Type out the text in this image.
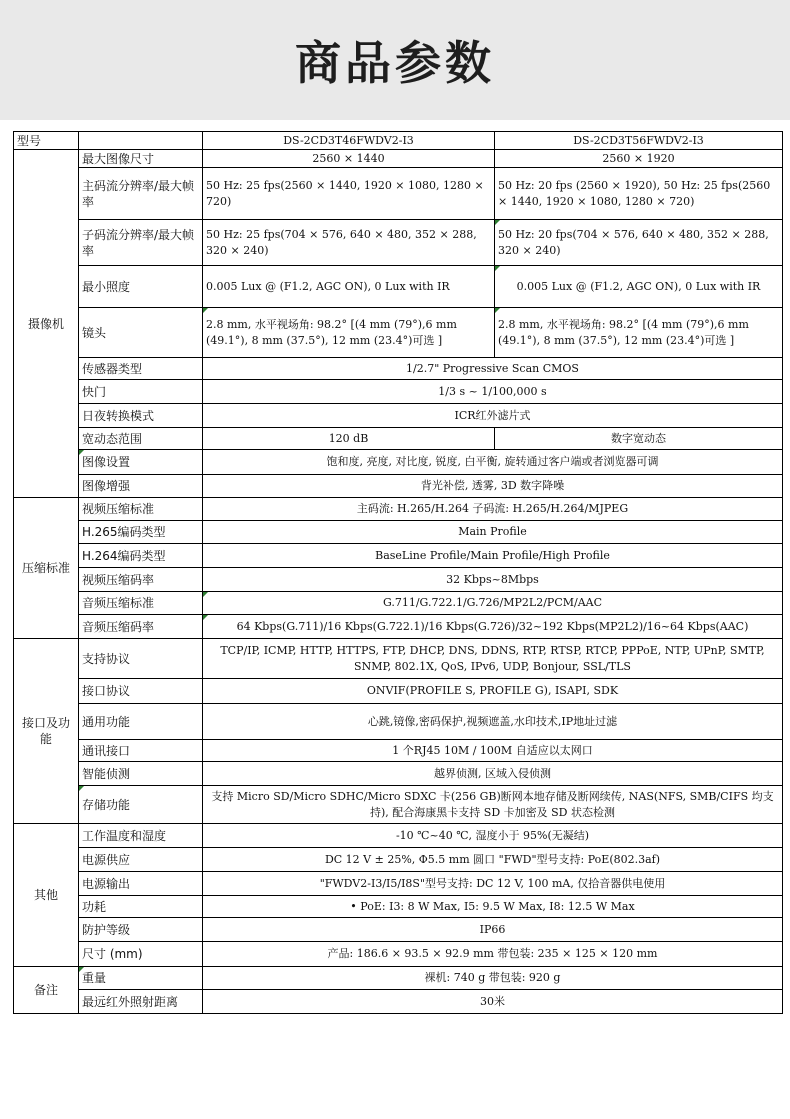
商品参数
型号		DS-2CD3T46FWDV2-I3	DS-2CD3T56FWDV2-I3
摄像机	最大图像尺寸	2560 × 1440	2560 × 1920
	主码流分辨率/最大帧率	50 Hz: 25 fps(2560 × 1440, 1920 × 1080, 1280 × 720)	50 Hz: 20 fps (2560 × 1920), 50 Hz: 25 fps(2560 × 1440, 1920 × 1080, 1280 × 720)
	子码流分辨率/最大帧率	50 Hz: 25 fps(704 × 576, 640 × 480, 352 × 288, 320 × 240)	50 Hz: 20 fps(704 × 576, 640 × 480, 352 × 288, 320 × 240)
	最小照度	0.005 Lux @ (F1.2, AGC ON), 0 Lux with IR	0.005 Lux @ (F1.2, AGC ON), 0 Lux with IR
	镜头	2.8 mm, 水平视场角: 98.2° [(4 mm (79°),6 mm (49.1°), 8 mm (37.5°), 12 mm (23.4°)可选 ]	2.8 mm, 水平视场角: 98.2° [(4 mm (79°),6 mm (49.1°), 8 mm (37.5°), 12 mm (23.4°)可选 ]
	传感器类型	1/2.7" Progressive Scan CMOS	
	快门	1/3 s ~ 1/100,000 s	
	日夜转换模式	ICR红外滤片式	
	宽动态范围	120 dB	数字宽动态
	图像设置	饱和度, 亮度, 对比度, 锐度, 白平衡, 旋转通过客户端或者浏览器可调	
	图像增强	背光补偿, 透雾, 3D 数字降噪	
压缩标准	视频压缩标准	主码流: H.265/H.264 子码流: H.265/H.264/MJPEG	
	H.265编码类型	Main Profile	
	H.264编码类型	BaseLine Profile/Main Profile/High Profile	
	视频压缩码率	32 Kbps~8Mbps	
	音频压缩标准	G.711/G.722.1/G.726/MP2L2/PCM/AAC	
	音频压缩码率	64 Kbps(G.711)/16 Kbps(G.722.1)/16 Kbps(G.726)/32~192 Kbps(MP2L2)/16~64 Kbps(AAC)	
接口及功能	支持协议	TCP/IP, ICMP, HTTP, HTTPS, FTP, DHCP, DNS, DDNS, RTP, RTSP, RTCP, PPPoE, NTP, UPnP, SMTP, SNMP, 802.1X, QoS, IPv6, UDP, Bonjour, SSL/TLS	
	接口协议	ONVIF(PROFILE S, PROFILE G), ISAPI, SDK	
	通用功能	心跳,镜像,密码保护,视频遮盖,水印技术,IP地址过滤	
	通讯接口	1 个RJ45 10M / 100M 自适应以太网口	
	智能侦测	越界侦测, 区域入侵侦测	
	存储功能	支持 Micro SD/Micro SDHC/Micro SDXC 卡(256 GB)断网本地存储及断网续传, NAS(NFS, SMB/CIFS 均支持), 配合海康黑卡支持 SD 卡加密及 SD 状态检测	
其他	工作温度和湿度	-10 ℃~40 ℃, 湿度小于 95%(无凝结)	
	电源供应	DC 12 V ± 25%, Φ5.5 mm 圆口 "FWD"型号支持: PoE(802.3af)	
	电源输出	"FWDV2-I3/I5/I8S"型号支持: DC 12 V, 100 mA, 仅拾音器供电使用	
	功耗	• PoE: I3: 8 W Max, I5: 9.5 W Max, I8: 12.5 W Max	
	防护等级	IP66	
	尺寸 (mm)	产品: 186.6 × 93.5 × 92.9 mm 带包装: 235 × 125 × 120 mm	
备注	重量	裸机: 740 g 带包装: 920 g	
	最远红外照射距离	30米	
